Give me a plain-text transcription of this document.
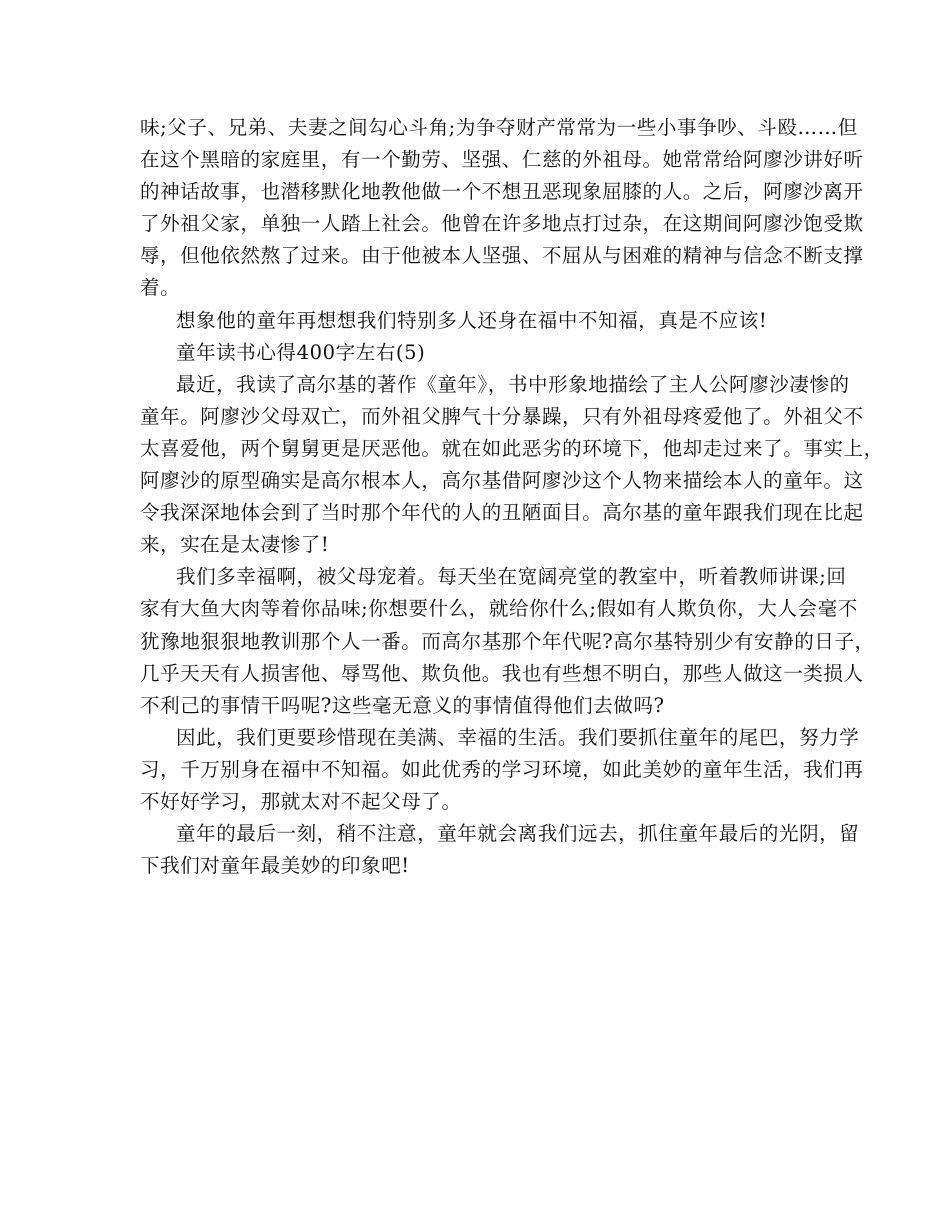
味;父子、兄弟、夫妻之间勾心斗角;为争夺财产常常为一些小事争吵、斗殴……但
在这个黑暗的家庭里，有一个勤劳、坚强、仁慈的外祖母。她常常给阿廖沙讲好听
的神话故事，也潜移默化地教他做一个不想丑恶现象屈膝的人。之后，阿廖沙离开
了外祖父家，单独一人踏上社会。他曾在许多地点打过杂，在这期间阿廖沙饱受欺
辱，但他依然熬了过来。由于他被本人坚强、不屈从与困难的精神与信念不断支撑
着。
想象他的童年再想想我们特别多人还身在福中不知福，真是不应该!
童年读书心得400字左右(5)
最近，我读了高尔基的著作《童年》，书中形象地描绘了主人公阿廖沙凄惨的
童年。阿廖沙父母双亡，而外祖父脾气十分暴躁，只有外祖母疼爱他了。外祖父不
太喜爱他，两个舅舅更是厌恶他。就在如此恶劣的环境下，他却走过来了。事实上，
阿廖沙的原型确实是高尔根本人，高尔基借阿廖沙这个人物来描绘本人的童年。这
令我深深地体会到了当时那个年代的人的丑陋面目。高尔基的童年跟我们现在比起
来，实在是太凄惨了!
我们多幸福啊，被父母宠着。每天坐在宽阔亮堂的教室中，听着教师讲课;回
家有大鱼大肉等着你品味;你想要什么，就给你什么;假如有人欺负你，大人会毫不
犹豫地狠狠地教训那个人一番。而高尔基那个年代呢?高尔基特别少有安静的日子，
几乎天天有人损害他、辱骂他、欺负他。我也有些想不明白，那些人做这一类损人
不利己的事情干吗呢?这些毫无意义的事情值得他们去做吗?
因此，我们更要珍惜现在美满、幸福的生活。我们要抓住童年的尾巴，努力学
习，千万别身在福中不知福。如此优秀的学习环境，如此美妙的童年生活，我们再
不好好学习，那就太对不起父母了。
童年的最后一刻，稍不注意，童年就会离我们远去，抓住童年最后的光阴，留
下我们对童年最美妙的印象吧!
